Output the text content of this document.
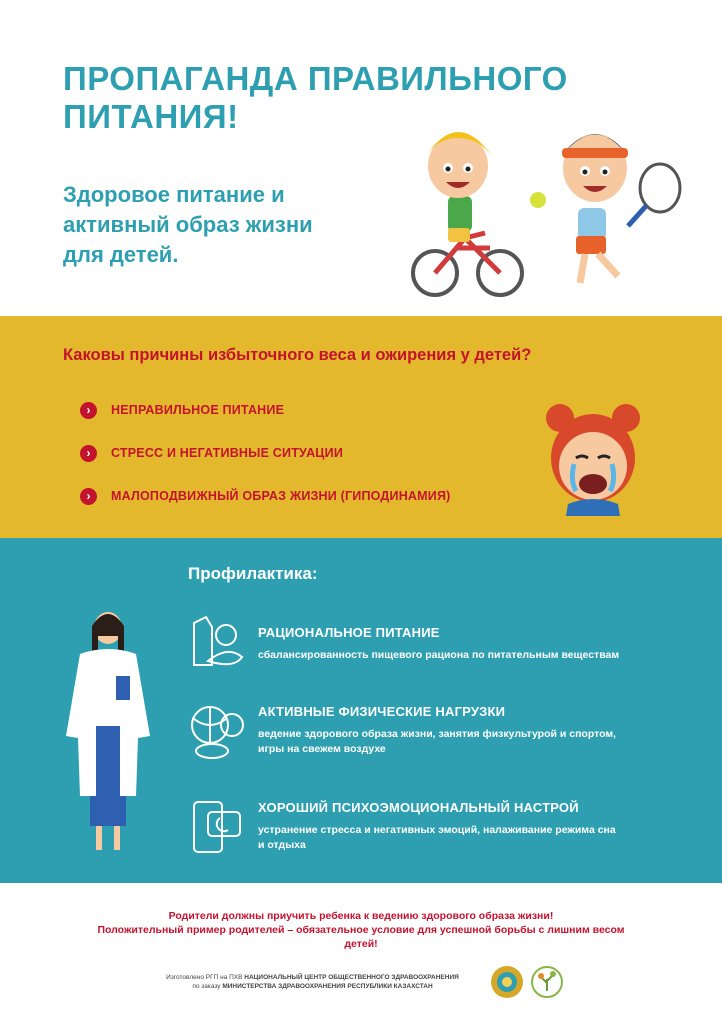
ПРОПАГАНДА ПРАВИЛЬНОГО
ПИТАНИЯ!
Здоровое питание и
активный образ жизни
для детей.
Каковы причины избыточного веса и ожирения у детей?
›	НЕПРАВИЛЬНОЕ ПИТАНИЕ
›	СТРЕСС И НЕГАТИВНЫЕ СИТУАЦИИ
›	МАЛОПОДВИЖНЫЙ ОБРАЗ ЖИЗНИ (ГИПОДИНАМИЯ)
Профилактика:
РАЦИОНАЛЬНОЕ ПИТАНИЕ
сбалансированность пищевого рациона по питательным веществам
АКТИВНЫЕ ФИЗИЧЕСКИЕ НАГРУЗКИ
ведение здорового образа жизни, занятия физкультурой и спортом,
игры на свежем воздухе
ХОРОШИЙ ПСИХОЭМОЦИОНАЛЬНЫЙ НАСТРОЙ
устранение стресса и негативных эмоций, налаживание режима сна
и отдыха
Родители должны приучить ребенка к ведению здорового образа жизни!
Положительный пример родителей – обязательное условие для успешной борьбы с лишним весом
детей!
Изготовлено РГП на ПХВ НАЦИОНАЛЬНЫЙ ЦЕНТР ОБЩЕСТВЕННОГО ЗДРАВООХРАНЕНИЯ
по заказу МИНИСТЕРСТВА ЗДРАВООХРАНЕНИЯ РЕСПУБЛИКИ КАЗАХСТАН
